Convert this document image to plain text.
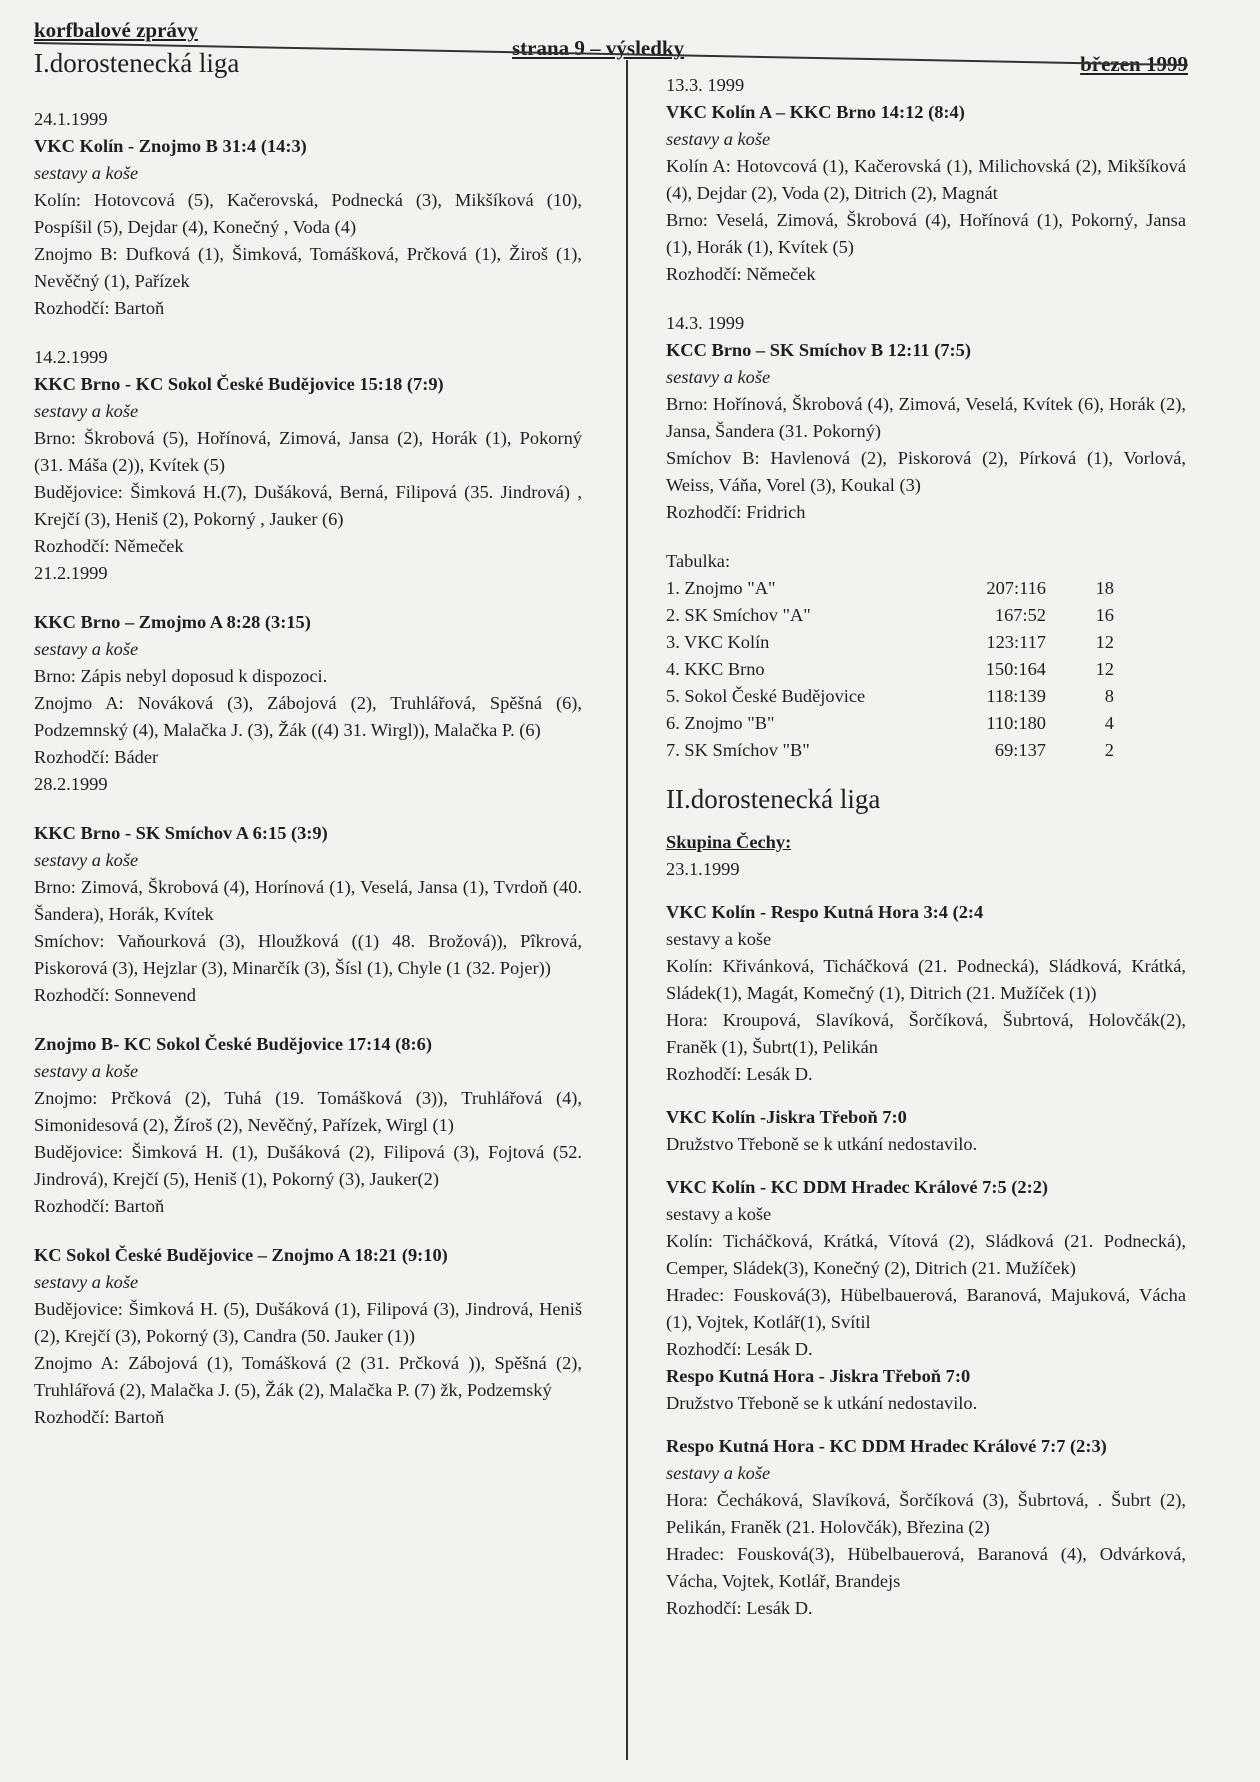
korfbalové zprávy
strana 9 – výsledky
březen 1999
I.dorostenecká liga

24.1.1999

VKC Kolín - Znojmo B 31:4 (14:3)

sestavy a koše

Kolín: Hotovcová (5), Kačerovská, Podnecká (3), Mikšíková (10), Pospíšil (5), Dejdar (4), Konečný , Voda (4)

Znojmo B: Dufková (1), Šimková, Tomášková, Prčková (1), Žiroš (1), Nevěčný (1), Pařízek

Rozhodčí: Bartoň

14.2.1999

KKC Brno - KC Sokol České Budějovice 15:18 (7:9)

sestavy a koše

Brno: Škrobová (5), Hořínová, Zimová, Jansa (2), Horák (1), Pokorný (31. Máša (2)), Kvítek (5)

Budějovice: Šimková H.(7), Dušáková, Berná, Filipová (35. Jindrová) , Krejčí (3), Heniš (2), Pokorný , Jauker (6)

Rozhodčí: Němeček

21.2.1999

KKC Brno – Zmojmo A 8:28 (3:15)

sestavy a koše

Brno: Zápis nebyl doposud k dispozoci.

Znojmo A: Nováková (3), Zábojová (2), Truhlářová, Spěšná (6), Podzemnský (4), Malačka J. (3), Žák ((4) 31. Wirgl)), Malačka P. (6)

Rozhodčí: Báder

28.2.1999

KKC Brno - SK Smíchov A 6:15 (3:9)

sestavy a koše

Brno: Zimová, Škrobová (4), Horínová (1), Veselá, Jansa (1), Tvrdoň (40. Šandera), Horák, Kvítek

Smíchov: Vaňourková (3), Hloužková ((1) 48. Brožová)), Pîkrová, Piskorová (3), Hejzlar (3), Minarčík (3), Šísl (1), Chyle (1 (32. Pojer))

Rozhodčí: Sonnevend

Znojmo B- KC Sokol České Budějovice 17:14 (8:6)

sestavy a koše

Znojmo: Prčková (2), Tuhá (19. Tomášková (3)), Truhlářová (4), Simonidesová (2), Žíroš (2), Nevěčný, Pařízek, Wirgl (1)

Budějovice: Šimková H. (1), Dušáková (2), Filipová (3), Fojtová (52. Jindrová), Krejčí (5), Heniš (1), Pokorný (3), Jauker(2)

Rozhodčí: Bartoň

KC Sokol České Budějovice – Znojmo A 18:21 (9:10)

sestavy a koše

Budějovice: Šimková H. (5), Dušáková (1), Filipová (3), Jindrová, Heniš (2), Krejčí (3), Pokorný (3), Candra (50. Jauker (1))

Znojmo A: Zábojová (1), Tomášková (2 (31. Prčková )), Spěšná (2), Truhlářová (2), Malačka J. (5), Žák (2), Malačka P. (7) žk, Podzemský

Rozhodčí: Bartoň

13.3. 1999

VKC Kolín A – KKC Brno 14:12 (8:4)

sestavy a koše

Kolín A: Hotovcová (1), Kačerovská (1), Milichovská (2), Mikšíková (4), Dejdar (2), Voda (2), Ditrich (2), Magnát

Brno: Veselá, Zimová, Škrobová (4), Hořínová (1), Pokorný, Jansa (1), Horák (1), Kvítek (5)

Rozhodčí: Němeček

14.3. 1999

KCC Brno – SK Smíchov B 12:11 (7:5)

sestavy a koše

Brno: Hořínová, Škrobová (4), Zimová, Veselá, Kvítek (6), Horák (2), Jansa, Šandera (31. Pokorný)

Smíchov B: Havlenová (2), Piskorová (2), Pírková (1), Vorlová, Weiss, Váňa, Vorel (3), Koukal (3)

Rozhodčí: Fridrich

Tabulka:

1. Znojmo "A"	207:116	18
2. SK Smíchov "A"	167:52	16
3. VKC Kolín	123:117	12
4. KKC Brno	150:164	12
5. Sokol České Budějovice	118:139	8
6. Znojmo "B"	110:180	4
7. SK Smíchov "B"	69:137	2

II.dorostenecká liga

Skupina Čechy:

23.1.1999

VKC Kolín - Respo Kutná Hora 3:4 (2:4

sestavy a koše

Kolín: Křivánková, Ticháčková (21. Podnecká), Sládková, Krátká, Sládek(1), Magát, Komečný (1), Ditrich (21. Mužíček (1))

Hora: Kroupová, Slavíková, Šorčíková, Šubrtová, Holovčák(2), Franěk (1), Šubrt(1), Pelikán

Rozhodčí: Lesák D.

VKC Kolín -Jiskra Třeboň 7:0

Družstvo Třeboně se k utkání nedostavilo.

VKC Kolín - KC DDM Hradec Králové 7:5 (2:2)

sestavy a koše

Kolín: Ticháčková, Krátká, Vítová (2), Sládková (21. Podnecká), Cemper, Sládek(3), Konečný (2), Ditrich (21. Mužíček)

Hradec: Fousková(3), Hübelbauerová, Baranová, Majuková, Vácha (1), Vojtek, Kotlář(1), Svítil

Rozhodčí: Lesák D.

Respo Kutná Hora - Jiskra Třeboň 7:0

Družstvo Třeboně se k utkání nedostavilo.

Respo Kutná Hora - KC DDM Hradec Králové 7:7 (2:3)

sestavy a koše

Hora: Čecháková, Slavíková, Šorčíková (3), Šubrtová, . Šubrt (2), Pelikán, Franěk (21. Holovčák), Březina (2)

Hradec: Fousková(3), Hübelbauerová, Baranová (4), Odvárková, Vácha, Vojtek, Kotlář, Brandejs

Rozhodčí: Lesák D.
